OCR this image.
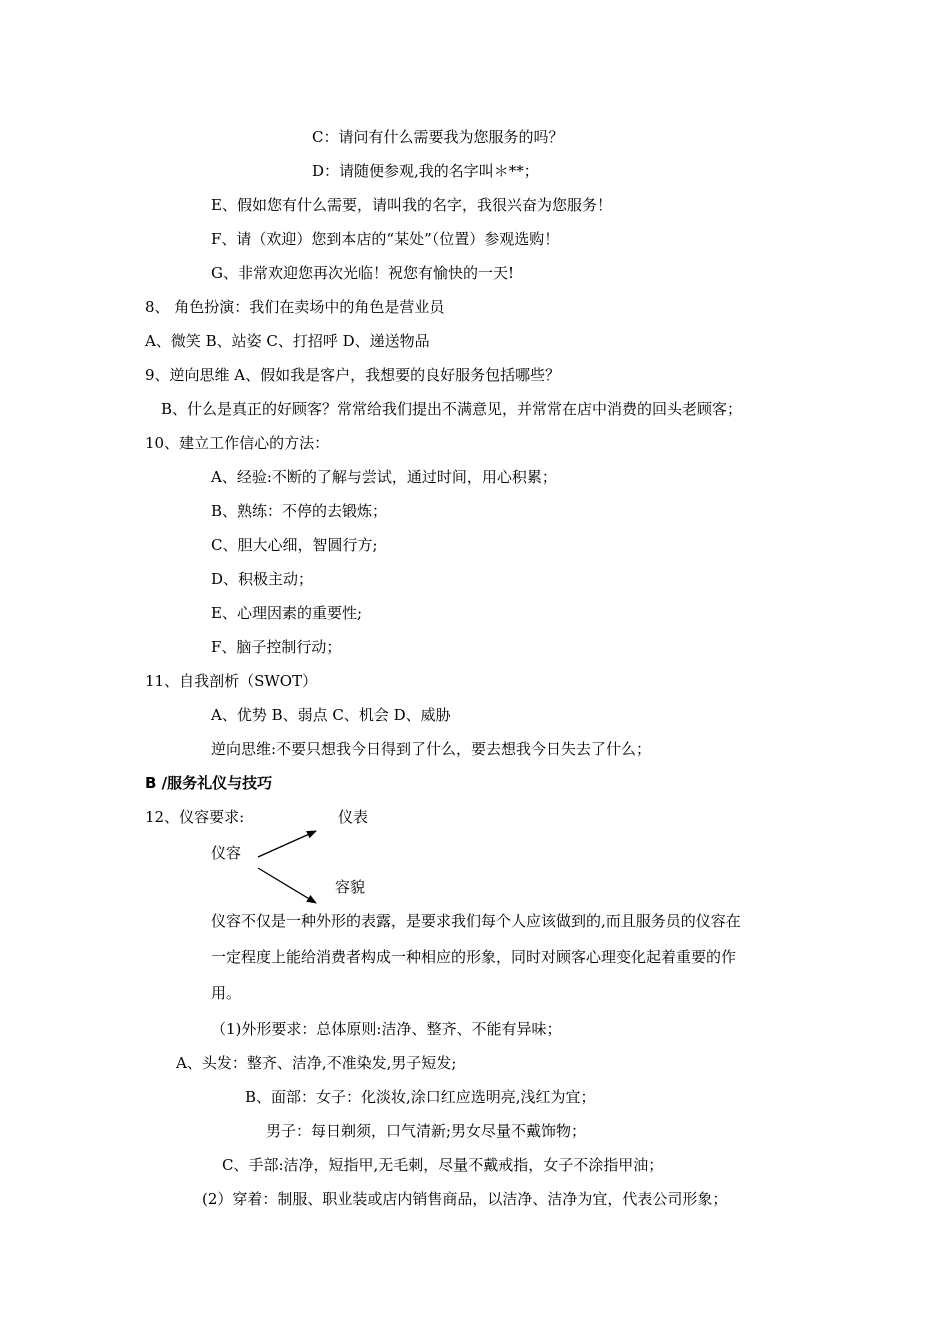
C：请问有什么需要我为您服务的吗？
D：请随便参观,我的名字叫＊**；
E、假如您有什么需要，请叫我的名字，我很兴奋为您服务！
F、请（欢迎）您到本店的“某处”（位置）参观选购！
G、非常欢迎您再次光临！祝您有愉快的一天!
8、 角色扮演：我们在卖场中的角色是营业员
A、微笑 B、站姿 C、打招呼 D、递送物品
9、逆向思维 A、假如我是客户，我想要的良好服务包括哪些？
B、什么是真正的好顾客？常常给我们提出不满意见，并常常在店中消费的回头老顾客；
10、建立工作信心的方法：
A、经验:不断的了解与尝试，通过时间，用心积累；
B、熟练：不停的去锻炼；
C、胆大心细，智圆行方;
D、积极主动；
E、心理因素的重要性;
F、脑子控制行动；
11、自我剖析（SWOT）
A、优势 B、弱点 C、机会 D、威胁
逆向思维:不要只想我今日得到了什么，要去想我今日失去了什么；
B /服务礼仪与技巧
12、仪容要求:	仪表
仪容
容貌
仪容不仅是一种外形的表露，是要求我们每个人应该做到的,而且服务员的仪容在
一定程度上能给消费者构成一种相应的形象，同时对顾客心理变化起着重要的作
用。
（1)外形要求：总体原则:洁净、整齐、不能有异味；
A、头发：整齐、洁净,不准染发,男子短发;
B、面部：女子：化淡妆,涂口红应选明亮,浅红为宜；
男子：每日剃须，口气清新;男女尽量不戴饰物；
C、手部:洁净，短指甲,无毛刺，尽量不戴戒指，女子不涂指甲油；
(2）穿着：制服、职业装或店内销售商品，以洁净、洁净为宜，代表公司形象；
